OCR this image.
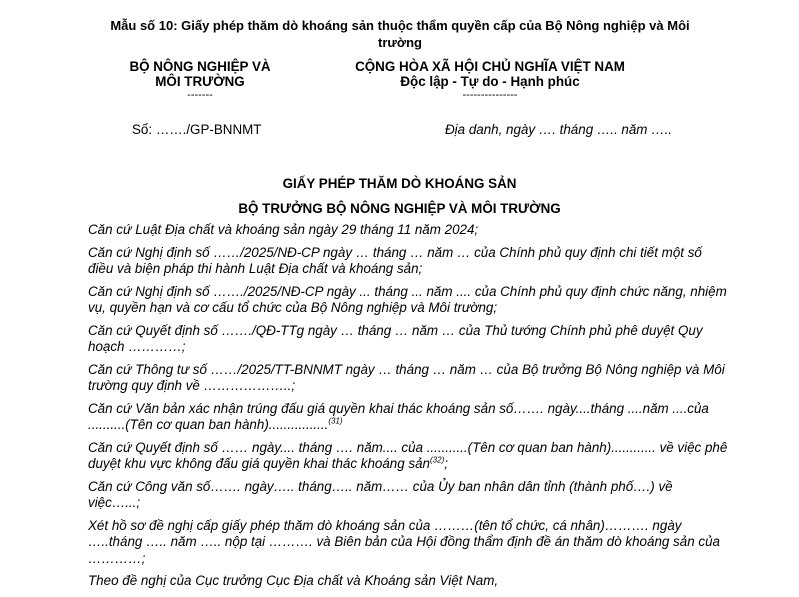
Mẫu số 10: Giấy phép thăm dò khoáng sản thuộc thẩm quyền cấp của Bộ Nông nghiệp và Môi trường
BỘ NÔNG NGHIỆP VÀ
MÔI TRƯỜNG
-------
CỘNG HÒA XÃ HỘI CHỦ NGHĨA VIỆT NAM
Độc lập - Tự do - Hạnh phúc
---------------
Số: ……./GP-BNNMT	Địa danh, ngày …. tháng ….. năm …..
GIẤY PHÉP THĂM DÒ KHOÁNG SẢN
BỘ TRƯỞNG BỘ NÔNG NGHIỆP VÀ MÔI TRƯỜNG

Căn cứ Luật Địa chất và khoáng sản ngày 29 tháng 11 năm 2024;

Căn cứ Nghị định số ……/2025/NĐ-CP ngày … tháng … năm … của Chính phủ quy định chi tiết một số điều và biện pháp thi hành Luật Địa chất và khoáng sản;

Căn cứ Nghị định số ……./2025/NĐ-CP ngày ... tháng ... năm .... của Chính phủ quy định chức năng, nhiệm vụ, quyền hạn và cơ cấu tổ chức của Bộ Nông nghiệp và Môi trường;

Căn cứ Quyết định số ……./QĐ-TTg ngày … tháng … năm … của Thủ tướng Chính phủ phê duyệt Quy hoạch …………;

Căn cứ Thông tư số ……/2025/TT-BNNMT ngày … tháng … năm … của Bộ trưởng Bộ Nông nghiệp và Môi trường quy định về ………………..;

Căn cứ Văn bản xác nhận trúng đấu giá quyền khai thác khoáng sản số……. ngày....tháng ....năm ....của ..........(Tên cơ quan ban hành)................$^{(31)}$

Căn cứ Quyết định số …… ngày.... tháng …. năm.... của ...........(Tên cơ quan ban hành)............ về việc phê duyệt khu vực không đấu giá quyền khai thác khoáng sản$^{(32)}$;

Căn cứ Công văn số……. ngày….. tháng….. năm…… của Ủy ban nhân dân tỉnh (thành phố….) về việc…...;

Xét hồ sơ đề nghị cấp giấy phép thăm dò khoáng sản của ………(tên tổ chức, cá nhân)………. ngày …..tháng ….. năm ….. nộp tại ………. và Biên bản của Hội đồng thẩm định đề án thăm dò khoáng sản của …………;

Theo đề nghị của Cục trưởng Cục Địa chất và Khoáng sản Việt Nam,
